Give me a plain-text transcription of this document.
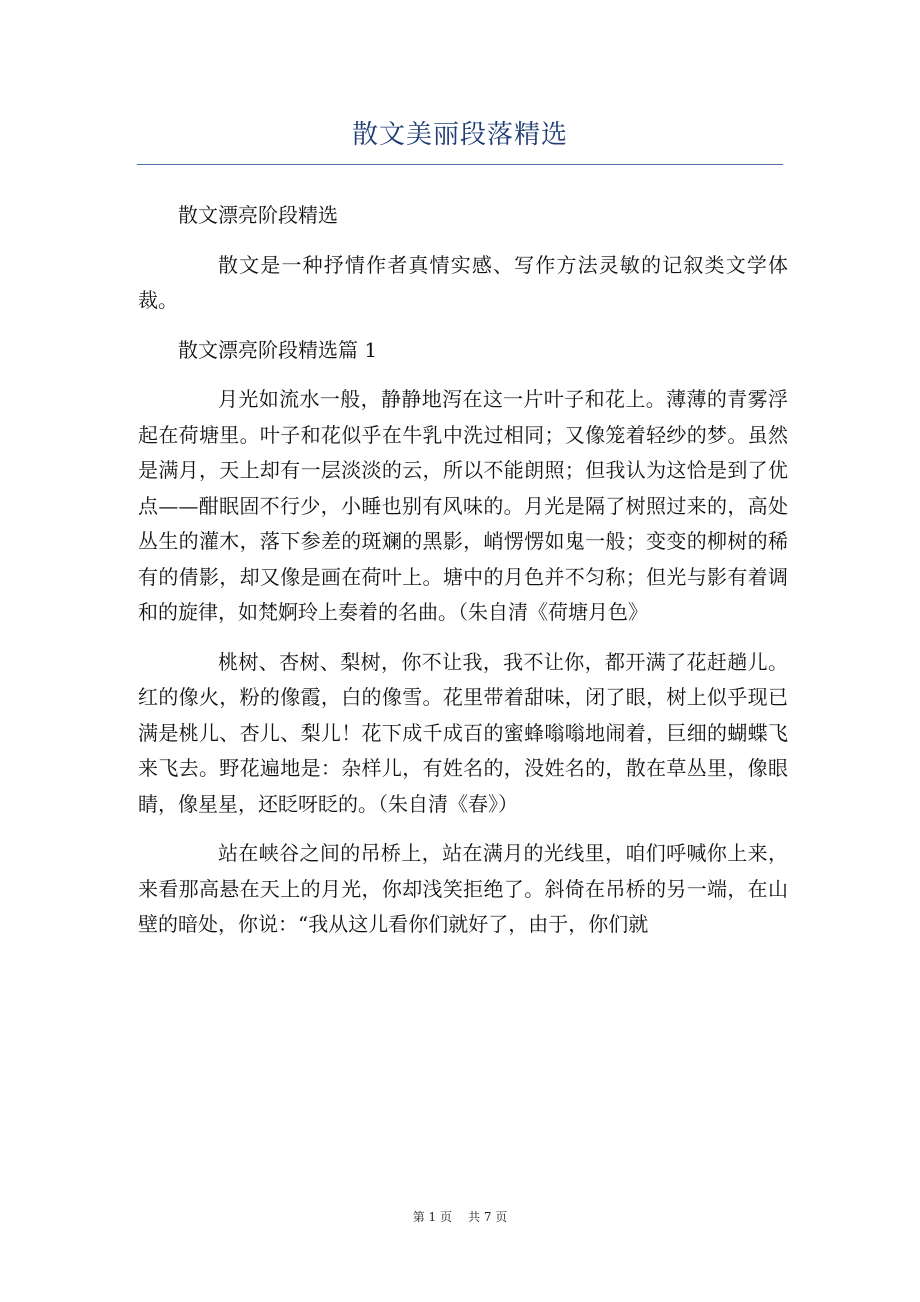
散文美丽段落精选

散文漂亮阶段精选

散文是一种抒情作者真情实感、写作方法灵敏的记叙类文学体裁。

散文漂亮阶段精选篇 1

月光如流水一般，静静地泻在这一片叶子和花上。薄薄的青雾浮起在荷塘里。叶子和花似乎在牛乳中洗过相同；又像笼着轻纱的梦。虽然是满月，天上却有一层淡淡的云，所以不能朗照；但我认为这恰是到了优点——酣眠固不行少，小睡也别有风味的。月光是隔了树照过来的，高处丛生的灌木，落下参差的斑斓的黑影，峭愣愣如鬼一般；变变的柳树的稀有的倩影，却又像是画在荷叶上。塘中的月色并不匀称；但光与影有着调和的旋律，如梵婀玲上奏着的名曲。（朱自清《荷塘月色》

桃树、杏树、梨树，你不让我，我不让你，都开满了花赶趟儿。红的像火，粉的像霞，白的像雪。花里带着甜味，闭了眼，树上似乎现已满是桃儿、杏儿、梨儿！花下成千成百的蜜蜂嗡嗡地闹着，巨细的蝴蝶飞来飞去。野花遍地是：杂样儿，有姓名的，没姓名的，散在草丛里，像眼睛，像星星，还眨呀眨的。（朱自清《春》）

站在峡谷之间的吊桥上，站在满月的光线里，咱们呼喊你上来，来看那高悬在天上的月光，你却浅笑拒绝了。斜倚在吊桥的另一端，在山壁的暗处，你说：“我从这儿看你们就好了，由于，你们就

第 1 页 共 7 页
